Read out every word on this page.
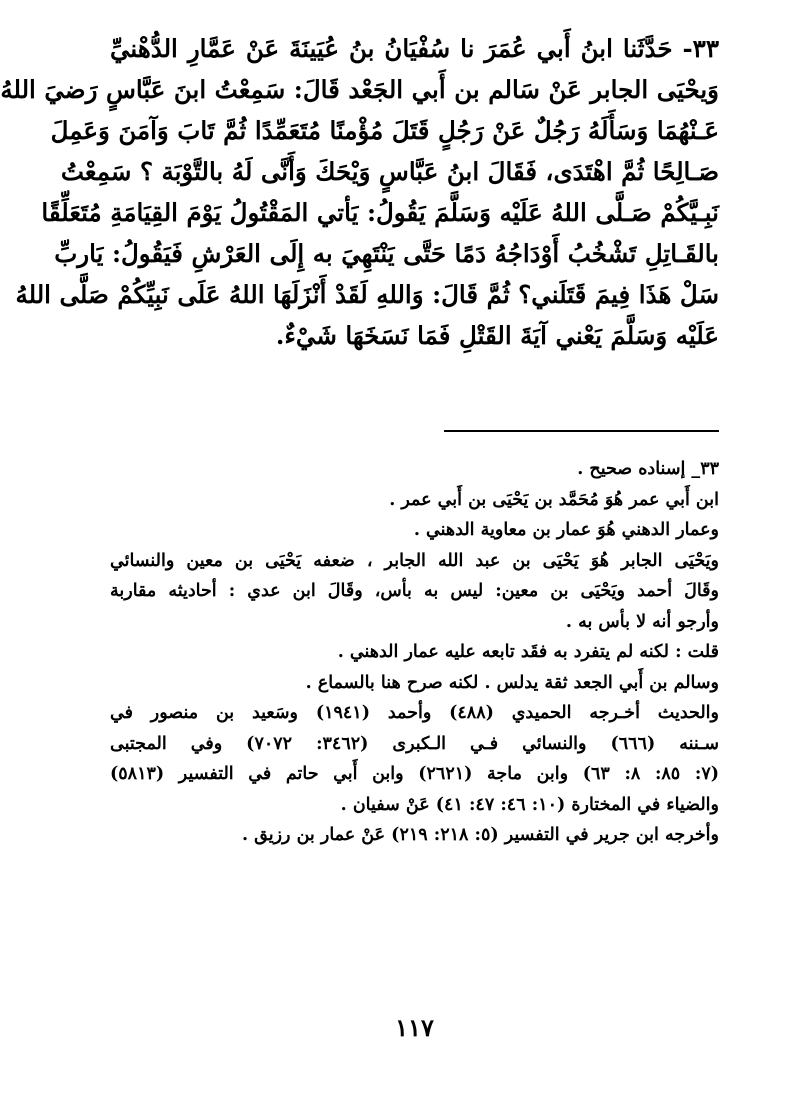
٣٣- حَدَّثَنا ابنُ أَبي عُمَرَ نا سُفْيَانُ بنُ عُيَينَةَ عَنْ عَمَّارِ الدُّهْنيِّ
وَيحْيَى الجابر عَنْ سَالم بن أَبي الجَعْد قَالَ: سَمِعْتُ ابنَ عَبَّاسٍ رَضيَ اللهُ
عَـنْهُمَا وَسَأَلَهُ رَجُلٌ عَنْ رَجُلٍ قَتَلَ مُؤْمنًا مُتَعَمِّدًا ثُمَّ تَابَ وَآمَنَ وَعَمِلَ
صَـالِحًا ثُمَّ اهْتَدَى، فَقَالَ ابنُ عَبَّاسٍ وَيْحَكَ وَأَنَّى لَهُ بالتَّوْبَة ؟ سَمِعْتُ
نَبِـيَّكُمْ صَـلَّى اللهُ عَلَيْه وَسَلَّمَ يَقُولُ: يَأتي المَقْتُولُ يَوْمَ القِيَامَةِ مُتَعَلِّقًا
بالقَـاتِلِ تَشْخُبُ أَوْدَاجُهُ دَمًا حَتَّى يَنْتَهِيَ به إِلَى العَرْشِ فَيَقُولُ: يَاربِّ
سَلْ هَذَا فِيمَ قَتَلَني؟ ثُمَّ قَالَ: وَاللهِ لَقَدْ أَنْزَلَهَا اللهُ عَلَى نَبِيِّكُمْ صَلَّى اللهُ
عَلَيْه وَسَلَّمَ يَعْني آيَةَ القَتْلِ فَمَا نَسَخَهَا شَيْءٌ.
٣٣_ إسناده صحيح .
ابن أَبي عمر هُوَ مُحَمَّد بن يَحْيَى بن أَبي عمر .
وعمار الدهني هُوَ عمار بن معاوية الدهني .
ويَحْيَى الجابر هُوَ يَحْيَى بن عبد الله الجابر ، ضعفه يَحْيَى بن معين والنسائي
وقَالَ أحمد ويَحْيَى بن معين: ليس به بأس، وقَالَ ابن عدي : أحاديثه مقاربة
وأرجو أنه لا بأس به .
قلت : لكنه لم يتفرد به فقَد تابعه عليه عمار الدهني .
وسالم بن أَبي الجعد ثقة يدلس . لكنه صرح هنا بالسماع .
والحديث أخـرجه الحميدي (٤٨٨) وأحمد (١٩٤١) وسَعيد بن منصور في
سـننه (٦٦٦) والنسائي فـي الـكبرى (٣٤٦٢: ٧٠٧٢) وفي المجتبى
(٧: ٨٥: ٨: ٦٣) وابن ماجة (٢٦٢١) وابن أَبي حاتم في التفسير (٥٨١٣)
والضياء في المختارة (١٠: ٤٦: ٤٧: ٤١) عَنْ سفيان .
وأخرجه ابن جرير في التفسير (٥: ٢١٨: ٢١٩) عَنْ عمار بن رزيق .
١١٧
